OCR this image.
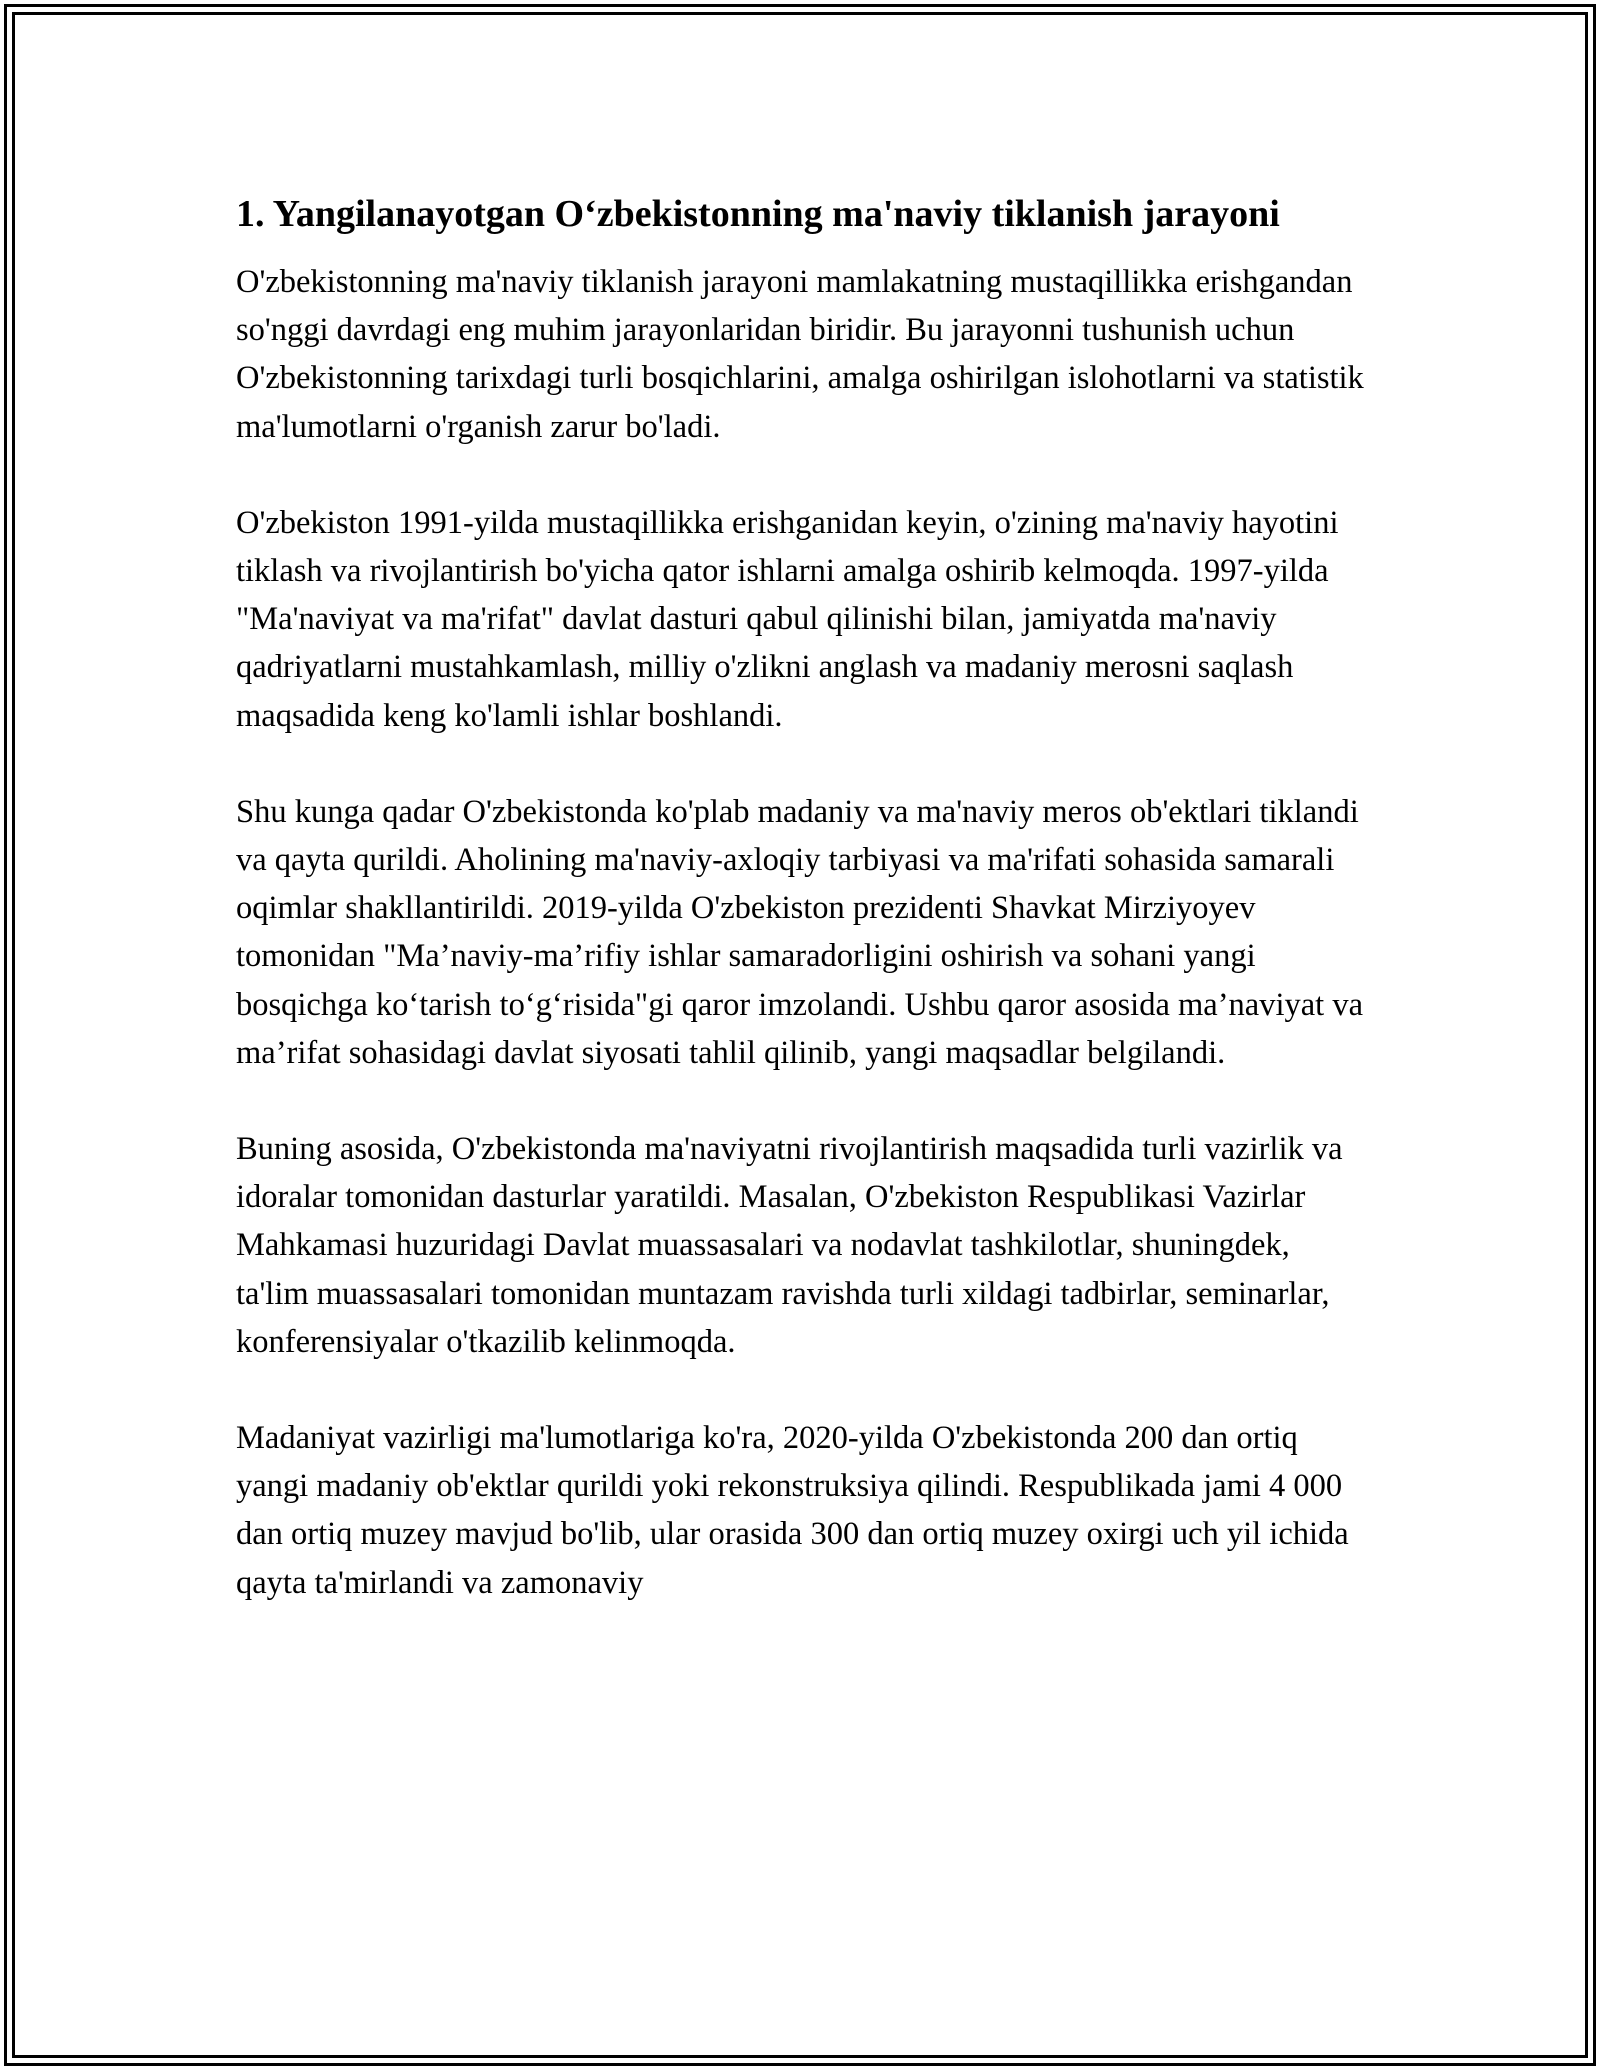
1. Yangilanayotgan O‘zbekistonning ma'naviy tiklanish jarayoni

O'zbekistonning ma'naviy tiklanish jarayoni mamlakatning mustaqillikka erishgandan so'nggi davrdagi eng muhim jarayonlaridan biridir. Bu jarayonni tushunish uchun O'zbekistonning tarixdagi turli bosqichlarini, amalga oshirilgan islohotlarni va statistik ma'lumotlarni o'rganish zarur bo'ladi.

O'zbekiston 1991-yilda mustaqillikka erishganidan keyin, o'zining ma'naviy hayotini tiklash va rivojlantirish bo'yicha qator ishlarni amalga oshirib kelmoqda. 1997-yilda "Ma'naviyat va ma'rifat" davlat dasturi qabul qilinishi bilan, jamiyatda ma'naviy qadriyatlarni mustahkamlash, milliy o'zlikni anglash va madaniy merosni saqlash maqsadida keng ko'lamli ishlar boshlandi.

Shu kunga qadar O'zbekistonda ko'plab madaniy va ma'naviy meros ob'ektlari tiklandi va qayta qurildi. Aholining ma'naviy-axloqiy tarbiyasi va ma'rifati sohasida samarali oqimlar shakllantirildi. 2019-yilda O'zbekiston prezidenti Shavkat Mirziyoyev tomonidan "Ma’naviy-ma’rifiy ishlar samaradorligini oshirish va sohani yangi bosqichga ko‘tarish to‘g‘risida"gi qaror imzolandi. Ushbu qaror asosida ma’naviyat va ma’rifat sohasidagi davlat siyosati tahlil qilinib, yangi maqsadlar belgilandi.

Buning asosida, O'zbekistonda ma'naviyatni rivojlantirish maqsadida turli vazirlik va idoralar tomonidan dasturlar yaratildi. Masalan, O'zbekiston Respublikasi Vazirlar Mahkamasi huzuridagi Davlat muassasalari va nodavlat tashkilotlar, shuningdek, ta'lim muassasalari tomonidan muntazam ravishda turli xildagi tadbirlar, seminarlar, konferensiyalar o'tkazilib kelinmoqda.

Madaniyat vazirligi ma'lumotlariga ko'ra, 2020-yilda O'zbekistonda 200 dan ortiq yangi madaniy ob'ektlar qurildi yoki rekonstruksiya qilindi. Respublikada jami 4 000 dan ortiq muzey mavjud bo'lib, ular orasida 300 dan ortiq muzey oxirgi uch yil ichida qayta ta'mirlandi va zamonaviy
